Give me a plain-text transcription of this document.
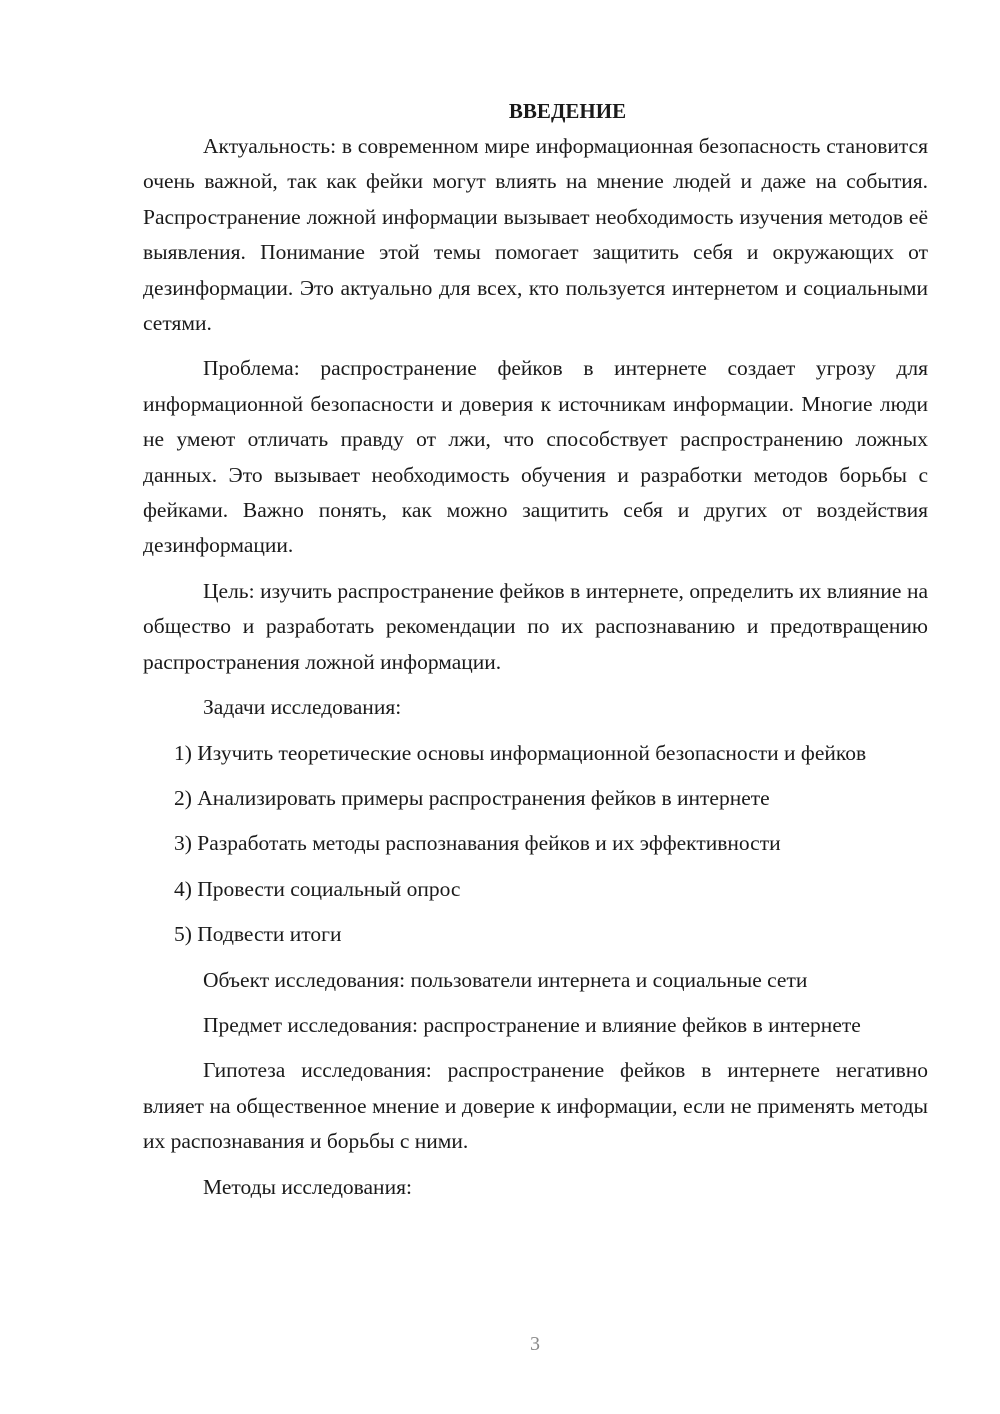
ВВЕДЕНИЕ

Актуальность: в современном мире информационная безопасность становится очень важной, так как фейки могут влиять на мнение людей и даже на события. Распространение ложной информации вызывает необходимость изучения методов её выявления. Понимание этой темы помогает защитить себя и окружающих от дезинформации. Это актуально для всех, кто пользуется интернетом и социальными сетями.

Проблема: распространение фейков в интернете создает угрозу для информационной безопасности и доверия к источникам информации. Многие люди не умеют отличать правду от лжи, что способствует распространению ложных данных. Это вызывает необходимость обучения и разработки методов борьбы с фейками. Важно понять, как можно защитить себя и других от воздействия дезинформации.

Цель: изучить распространение фейков в интернете, определить их влияние на общество и разработать рекомендации по их распознаванию и предотвращению распространения ложной информации.

Задачи исследования:

1) Изучить теоретические основы информационной безопасности и фейков

2) Анализировать примеры распространения фейков в интернете

3) Разработать методы распознавания фейков и их эффективности

4) Провести социальный опрос

5) Подвести итоги

Объект исследования: пользователи интернета и социальные сети

Предмет исследования: распространение и влияние фейков в интернете

Гипотеза исследования: распространение фейков в интернете негативно влияет на общественное мнение и доверие к информации, если не применять методы их распознавания и борьбы с ними.

Методы исследования:

3
